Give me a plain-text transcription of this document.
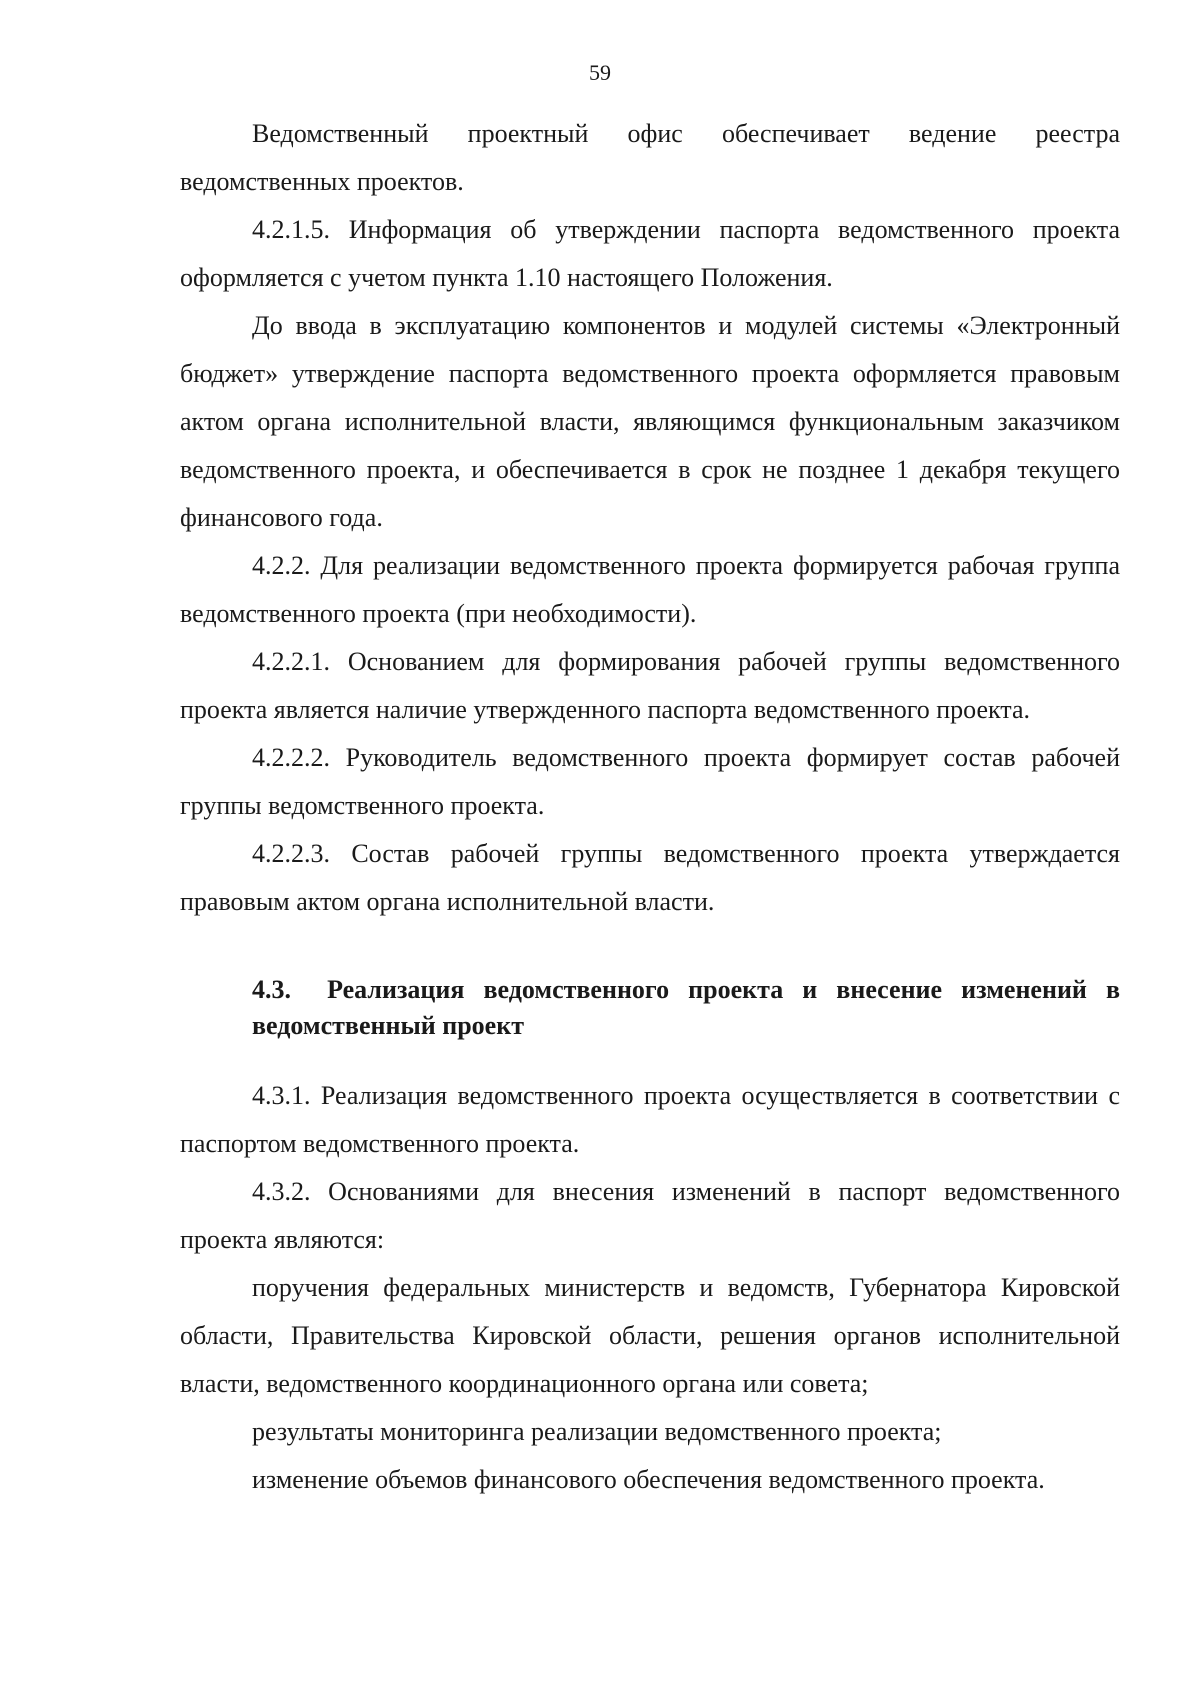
59

Ведомственный проектный офис обеспечивает ведение реестра ведомственных проектов.

4.2.1.5. Информация об утверждении паспорта ведомственного проекта оформляется с учетом пункта 1.10 настоящего Положения.

До ввода в эксплуатацию компонентов и модулей системы «Электронный бюджет» утверждение паспорта ведомственного проекта оформляется правовым актом органа исполнительной власти, являющимся функциональным заказчиком ведомственного проекта, и обеспечивается в срок не позднее 1 декабря текущего финансового года.

4.2.2. Для реализации ведомственного проекта формируется рабочая группа ведомственного проекта (при необходимости).

4.2.2.1. Основанием для формирования рабочей группы ведомственного проекта является наличие утвержденного паспорта ведомственного проекта.

4.2.2.2. Руководитель ведомственного проекта формирует состав рабочей группы ведомственного проекта.

4.2.2.3. Состав рабочей группы ведомственного проекта утверждается правовым актом органа исполнительной власти.

4.3. Реализация ведомственного проекта и внесение изменений в ведомственный проект

4.3.1. Реализация ведомственного проекта осуществляется в соответствии с паспортом ведомственного проекта.

4.3.2. Основаниями для внесения изменений в паспорт ведомственного проекта являются:

поручения федеральных министерств и ведомств, Губернатора Кировской области, Правительства Кировской области, решения органов исполнительной власти, ведомственного координационного органа или совета;

результаты мониторинга реализации ведомственного проекта;

изменение объемов финансового обеспечения ведомственного проекта.
